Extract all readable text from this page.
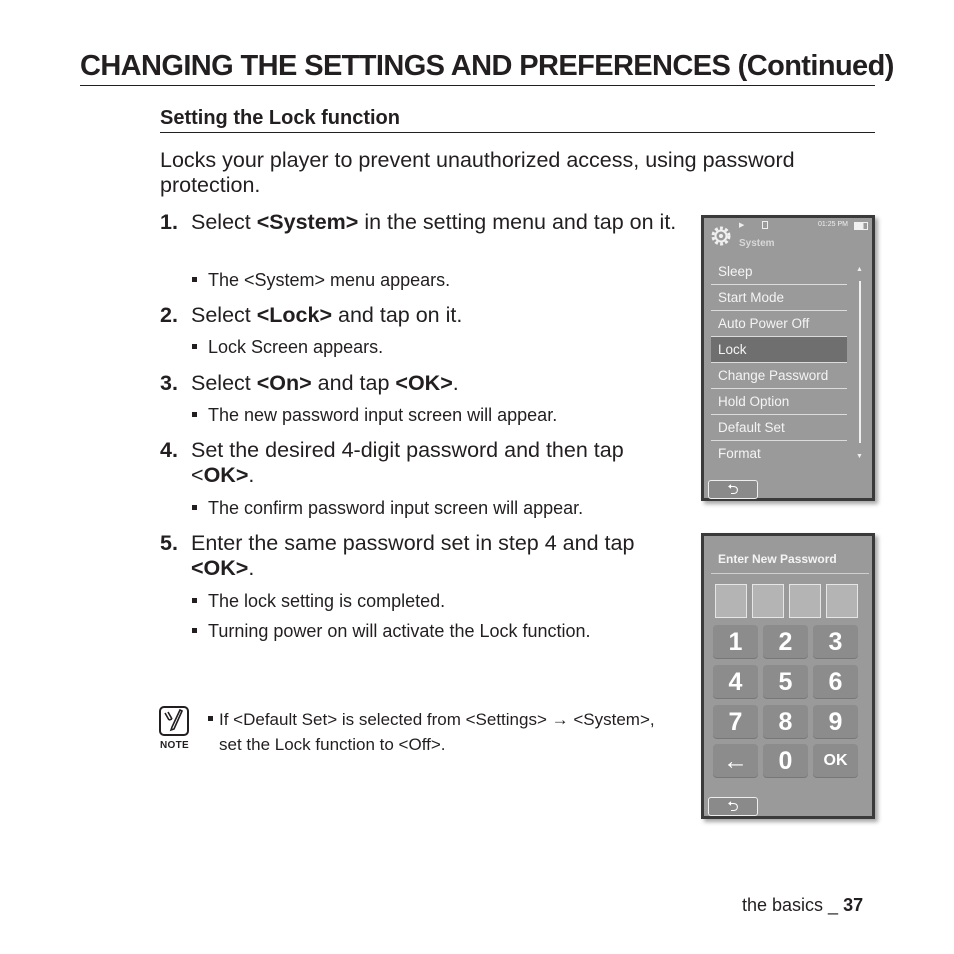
CHANGING THE SETTINGS AND PREFERENCES (Continued)
Setting the Lock function
Locks your player to prevent unauthorized access, using password protection.
1. Select <System> in the setting menu and tap on it.
The <System> menu appears.
2. Select <Lock> and tap on it.
Lock Screen appears.
3. Select <On> and tap <OK>.
The new password input screen will appear.
4. Set the desired 4-digit password and then tap <OK>.
The confirm password input screen will appear.
5. Enter the same password set in step 4 and tap <OK>.
The lock setting is completed.
Turning power on will activate the Lock function.
NOTE
If <Default Set> is selected from <Settings> → <System>,
set the Lock function to <Off>.
the basics _ 37
▶
System
01:25 PM
Sleep
Start Mode
Auto Power Off
Lock
Change Password
Hold Option
Default Set
Format
▲
▼
⮌
Enter New Password
1	2	3
4	5	6
7	8	9
←	0	OK
⮌
